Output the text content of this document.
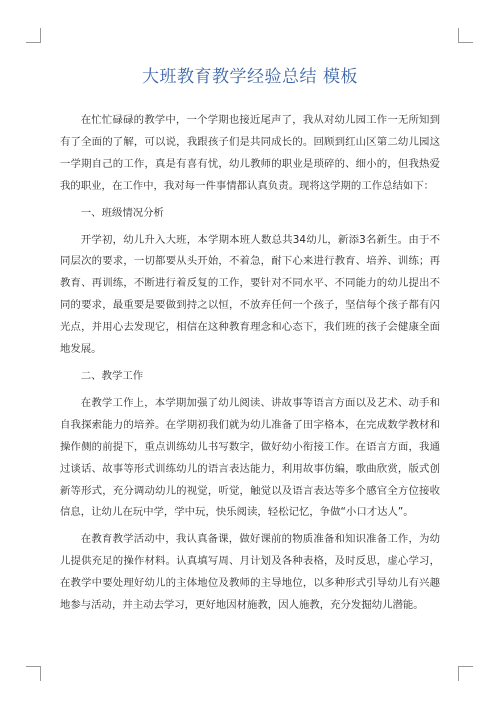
大班教育教学经验总结 模板

在忙忙碌碌的教学中，一个学期也接近尾声了，我从对幼儿园工作一无所知到有了全面的了解，可以说，我跟孩子们是共同成长的。回顾到红山区第二幼儿园这一学期自己的工作，真是有喜有忧，幼儿教师的职业是琐碎的、细小的，但我热爱我的职业，在工作中，我对每一件事情都认真负责。现将这学期的工作总结如下：

一、班级情况分析

开学初，幼儿升入大班，本学期本班人数总共34幼儿，新添3名新生。由于不同层次的要求，一切都要从头开始，不着急，耐下心来进行教育、培养、训练；再教育、再训练，不断进行着反复的工作，要针对不同水平、不同能力的幼儿提出不同的要求，最重要是要做到持之以恒，不放弃任何一个孩子，坚信每个孩子都有闪光点，并用心去发现它，相信在这种教育理念和心态下，我们班的孩子会健康全面地发展。

二、教学工作

在教学工作上，本学期加强了幼儿阅读、讲故事等语言方面以及艺术、动手和自我探索能力的培养。在学期初我们就为幼儿准备了田字格本，在完成数学教材和操作侧的前提下，重点训练幼儿书写数字，做好幼小衔接工作。在语言方面，我通过谈话、故事等形式训练幼儿的语言表达能力，利用故事仿编，歌曲欣赏，版式创新等形式，充分调动幼儿的视觉，听觉，触觉以及语言表达等多个感官全方位接收信息，让幼儿在玩中学，学中玩，快乐阅读，轻松记忆，争做“小口才达人”。

在教育教学活动中，我认真备课，做好课前的物质准备和知识准备工作，为幼儿提供充足的操作材料。认真填写周、月计划及各种表格，及时反思，虚心学习，在教学中要处理好幼儿的主体地位及教师的主导地位，以多种形式引导幼儿有兴趣地参与活动，并主动去学习，更好地因材施教，因人施教，充分发掘幼儿潜能。
